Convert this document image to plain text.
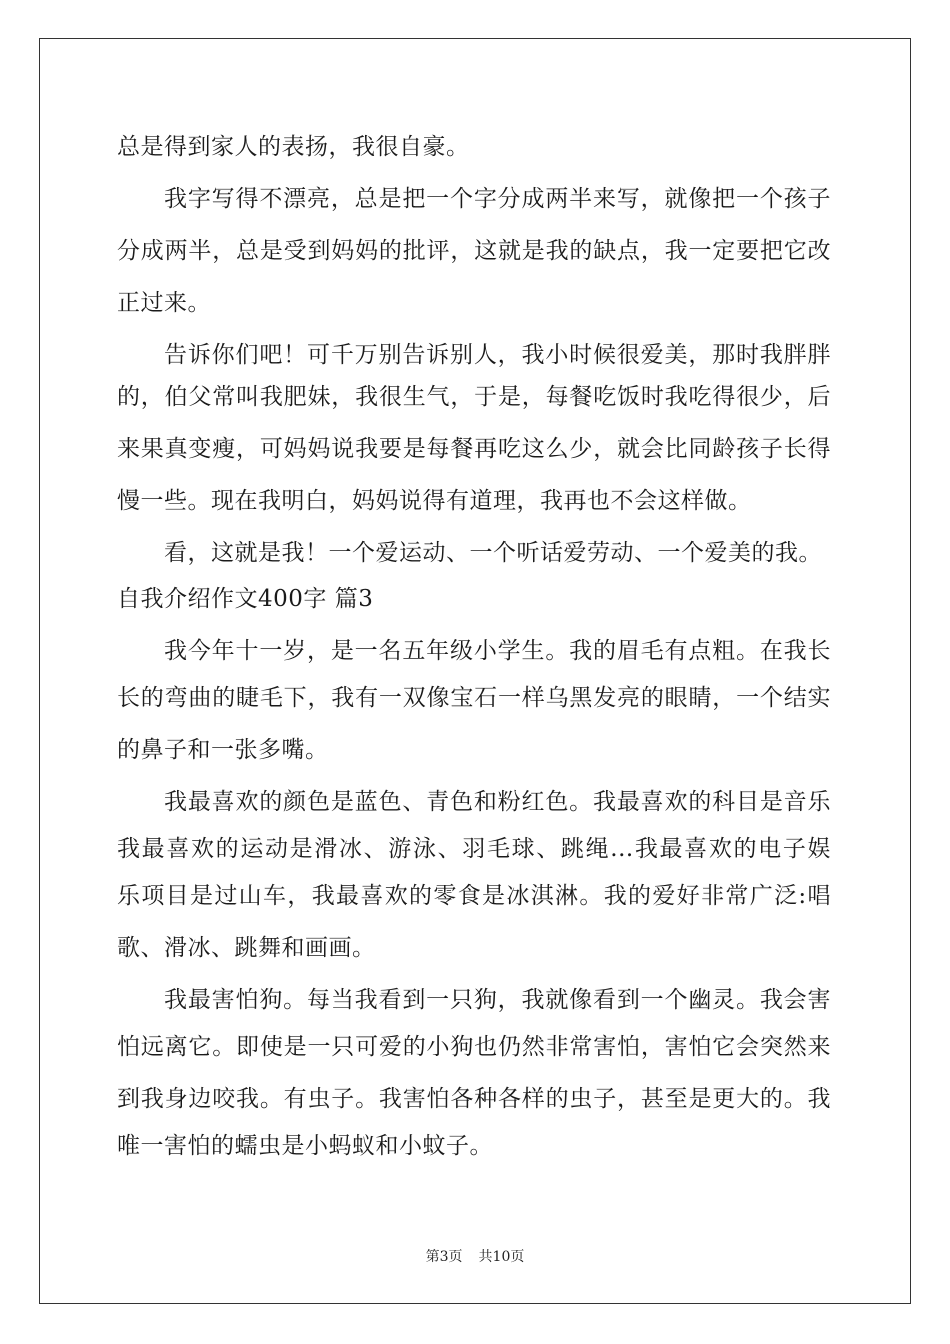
总是得到家人的表扬，我很自豪。
我字写得不漂亮，总是把一个字分成两半来写，就像把一个孩子
分成两半，总是受到妈妈的批评，这就是我的缺点，我一定要把它改
正过来。
告诉你们吧！可千万别告诉别人，我小时候很爱美，那时我胖胖
的，伯父常叫我肥妹，我很生气，于是，每餐吃饭时我吃得很少，后
来果真变瘦，可妈妈说我要是每餐再吃这么少，就会比同龄孩子长得
慢一些。现在我明白，妈妈说得有道理，我再也不会这样做。
看，这就是我！一个爱运动、一个听话爱劳动、一个爱美的我。
自我介绍作文400字 篇3
我今年十一岁，是一名五年级小学生。我的眉毛有点粗。在我长
长的弯曲的睫毛下，我有一双像宝石一样乌黑发亮的眼睛，一个结实
的鼻子和一张多嘴。
我最喜欢的颜色是蓝色、青色和粉红色。我最喜欢的科目是音乐
我最喜欢的运动是滑冰、游泳、羽毛球、跳绳...我最喜欢的电子娱
乐项目是过山车，我最喜欢的零食是冰淇淋。我的爱好非常广泛:唱
歌、滑冰、跳舞和画画。
我最害怕狗。每当我看到一只狗，我就像看到一个幽灵。我会害
怕远离它。即使是一只可爱的小狗也仍然非常害怕，害怕它会突然来
到我身边咬我。有虫子。我害怕各种各样的虫子，甚至是更大的。我
唯一害怕的蠕虫是小蚂蚁和小蚊子。
第3页 共10页
